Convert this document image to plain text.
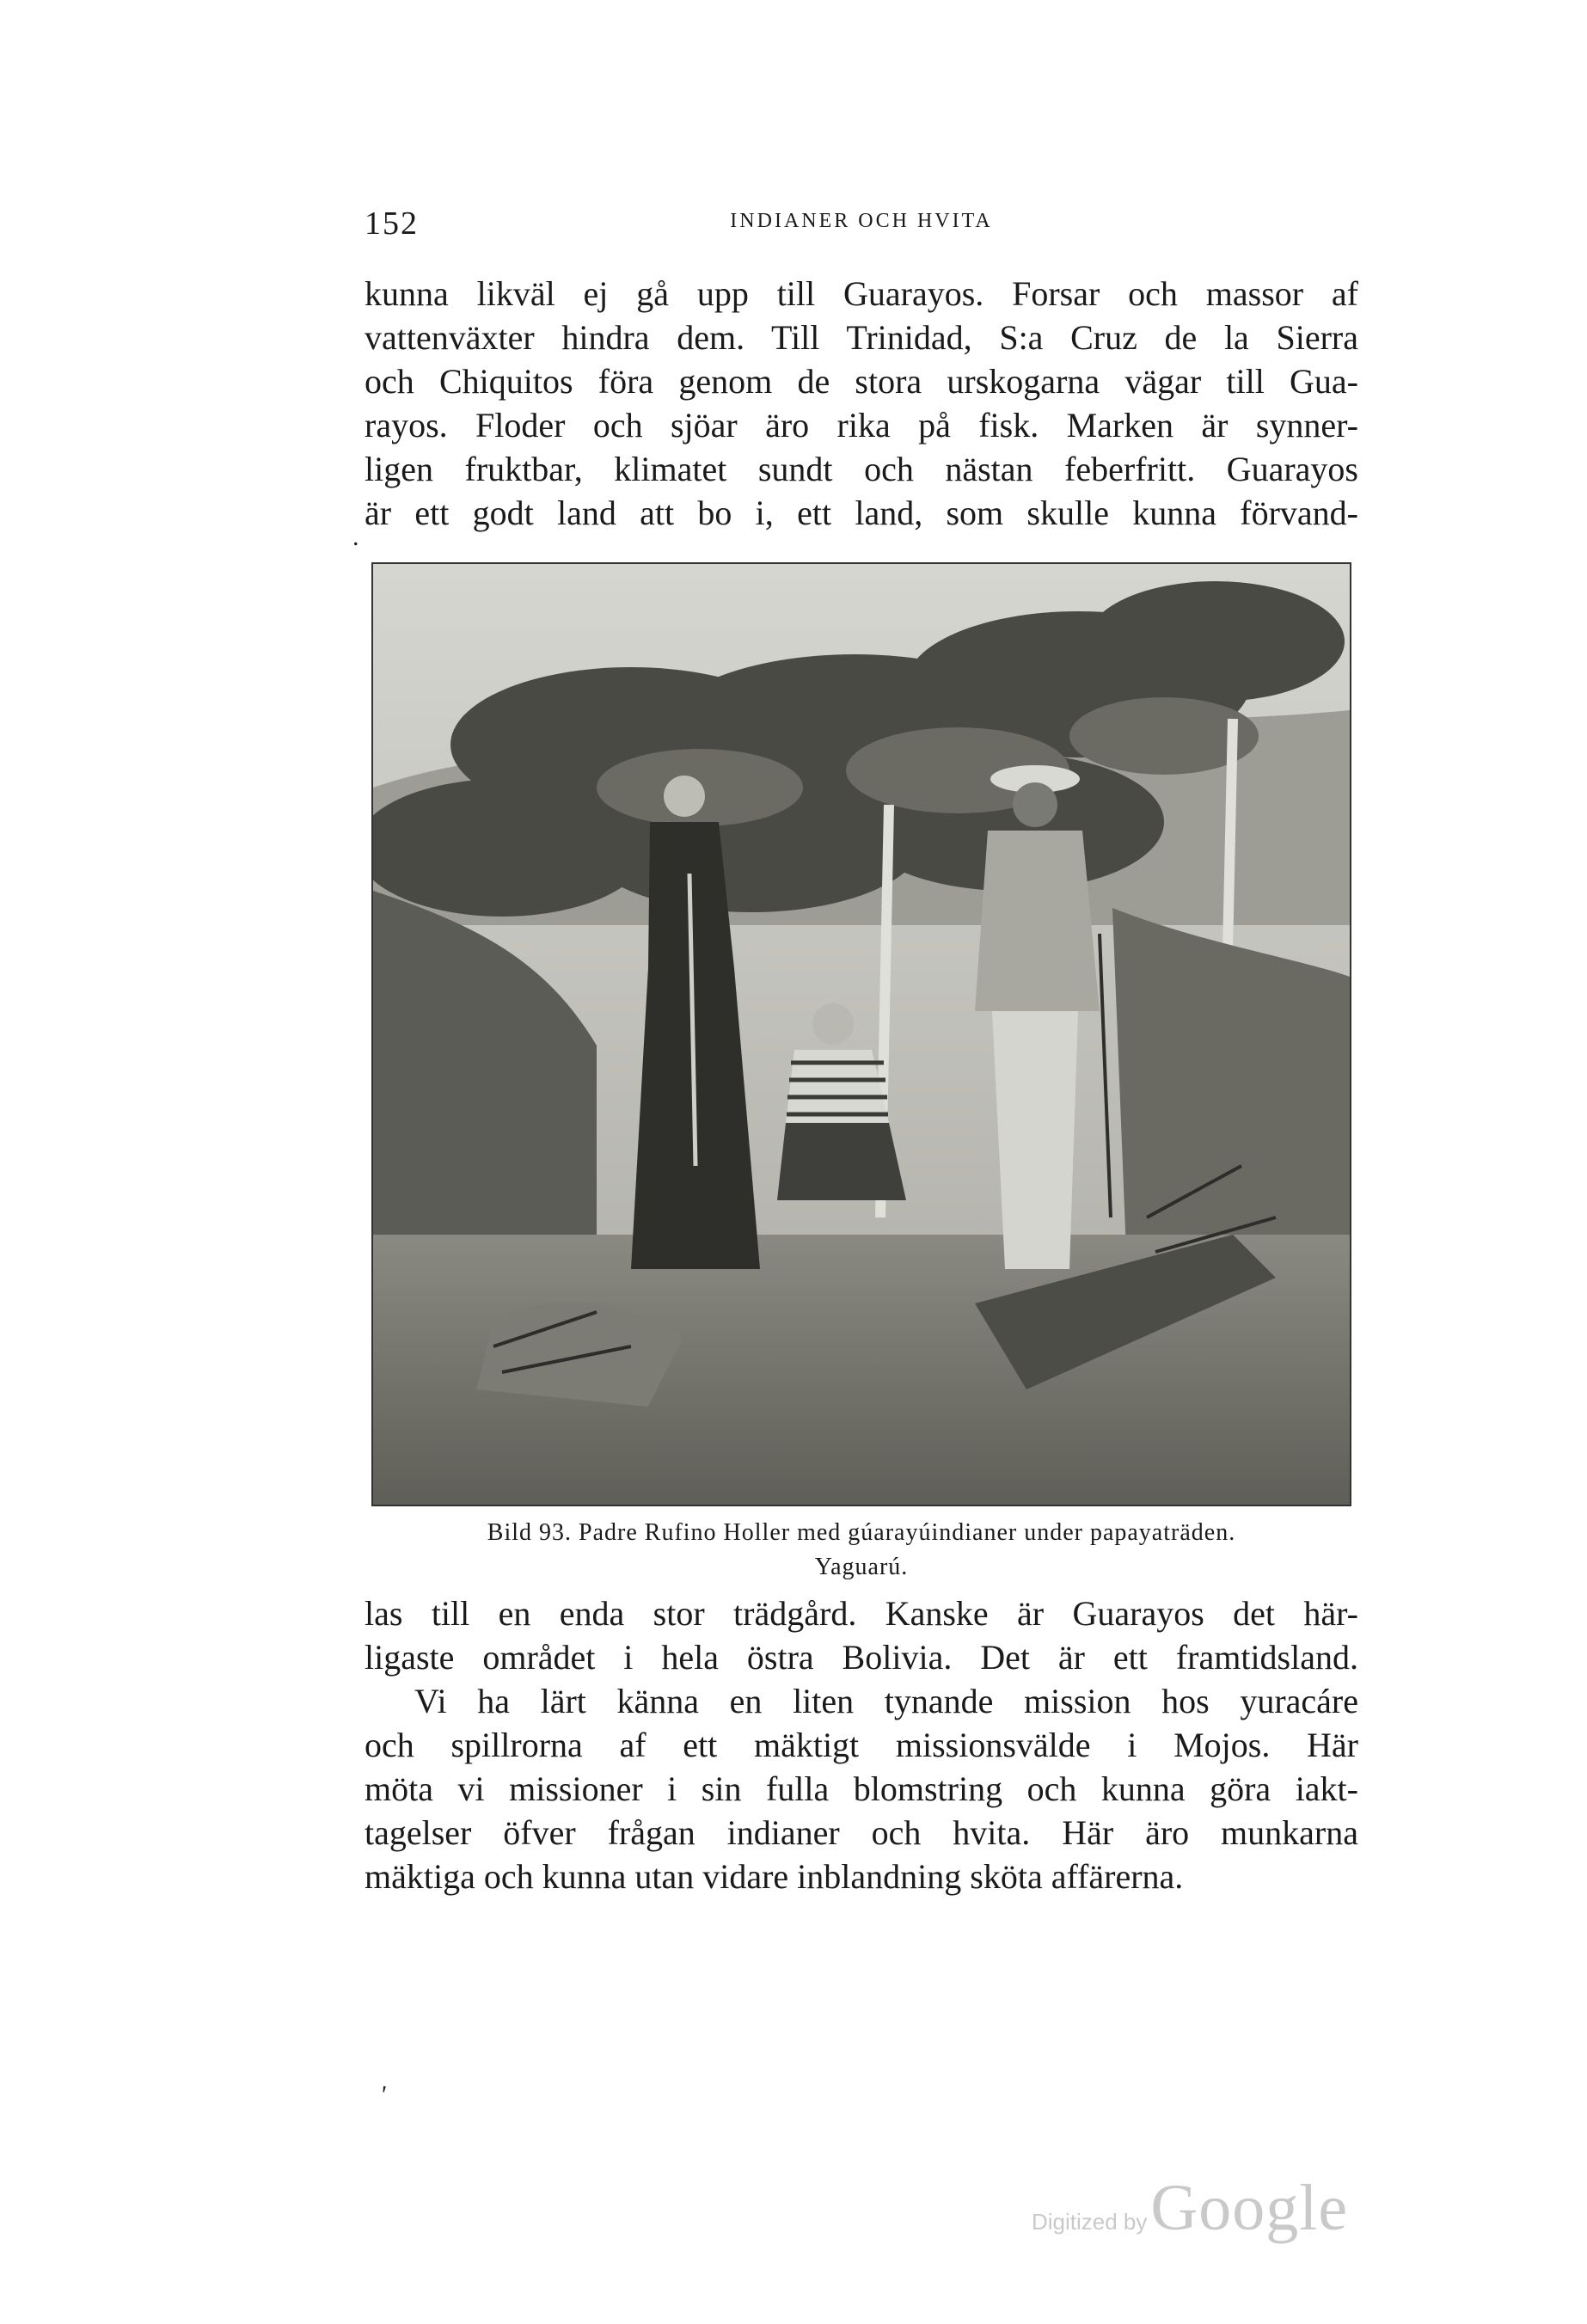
152	INDIANER OCH HVITA

kunna likväl ej gå upp till Guarayos. Forsar och massor af
vattenväxter hindra dem. Till Trinidad, S:a Cruz de la Sierra
och Chiquitos föra genom de stora urskogarna vägar till Gua-
rayos. Floder och sjöar äro rika på fisk. Marken är synner-
ligen fruktbar, klimatet sundt och nästan feberfritt. Guarayos
är ett godt land att bo i, ett land, som skulle kunna förvand-

.
Bild 93. Padre Rufino Holler med gúarayúindianer under papayaträden.
Yaguarú.

las till en enda stor trädgård. Kanske är Guarayos det här-
ligaste området i hela östra Bolivia. Det är ett framtidsland.

Vi ha lärt känna en liten tynande mission hos yuracáre
och spillrorna af ett mäktigt missionsvälde i Mojos. Här
möta vi missioner i sin fulla blomstring och kunna göra iakt-
tagelser öfver frågan indianer och hvita. Här äro munkarna
mäktiga och kunna utan vidare inblandning sköta affärerna.

'
Digitized by Google
